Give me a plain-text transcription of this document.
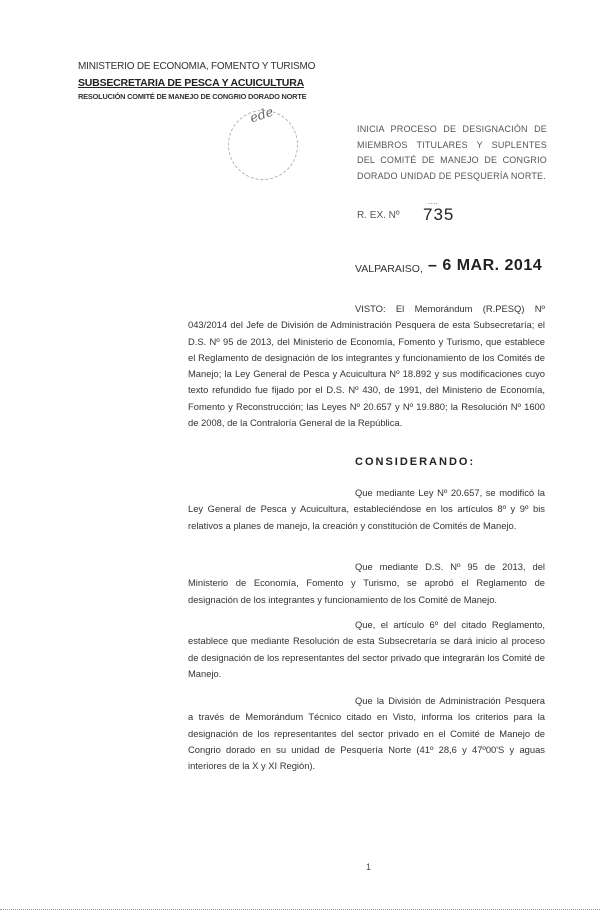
MINISTERIO DE ECONOMIA, FOMENTO Y TURISMO
SUBSECRETARIA DE PESCA Y ACUICULTURA
RESOLUCIÓN COMITÉ DE MANEJO DE CONGRIO DORADO NORTE
ede
INICIA PROCESO DE DESIGNACIÓN DE MIEMBROS TITULARES Y SUPLENTES DEL COMITÉ DE MANEJO DE CONGRIO DORADO UNIDAD DE PESQUERÍA NORTE.
....
R. EX. Nº 735
VALPARAISO, – 6 MAR. 2014
VISTO: El Memorándum (R.PESQ) Nº 043/2014 del Jefe de División de Administración Pesquera de esta Subsecretaría; el D.S. Nº 95 de 2013, del Ministerio de Economía, Fomento y Turismo, que establece el Reglamento de designación de los integrantes y funcionamiento de los Comités de Manejo; la Ley General de Pesca y Acuicultura Nº 18.892 y sus modificaciones cuyo texto refundido fue fijado por el D.S. Nº 430, de 1991, del Ministerio de Economía, Fomento y Reconstrucción; las Leyes Nº 20.657 y Nº 19.880; la Resolución Nº 1600 de 2008, de la Contraloría General de la República.
CONSIDERANDO:
Que mediante Ley Nº 20.657, se modificó la Ley General de Pesca y Acuicultura, estableciéndose en los artículos 8º y 9º bis relativos a planes de manejo, la creación y constitución de Comités de Manejo.
Que mediante D.S. Nº 95 de 2013, del Ministerio de Economía, Fomento y Turismo, se aprobó el Reglamento de designación de los integrantes y funcionamiento de los Comité de Manejo.
Que, el artículo 6º del citado Reglamento, establece que mediante Resolución de esta Subsecretaría se dará inicio al proceso de designación de los representantes del sector privado que integrarán los Comité de Manejo.
Que la División de Administración Pesquera a través de Memorándum Técnico citado en Visto, informa los criterios para la designación de los representantes del sector privado en el Comité de Manejo de Congrio dorado en su unidad de Pesquería Norte (41º 28,6 y 47º00'S y aguas interiores de la X y XI Región).
1
